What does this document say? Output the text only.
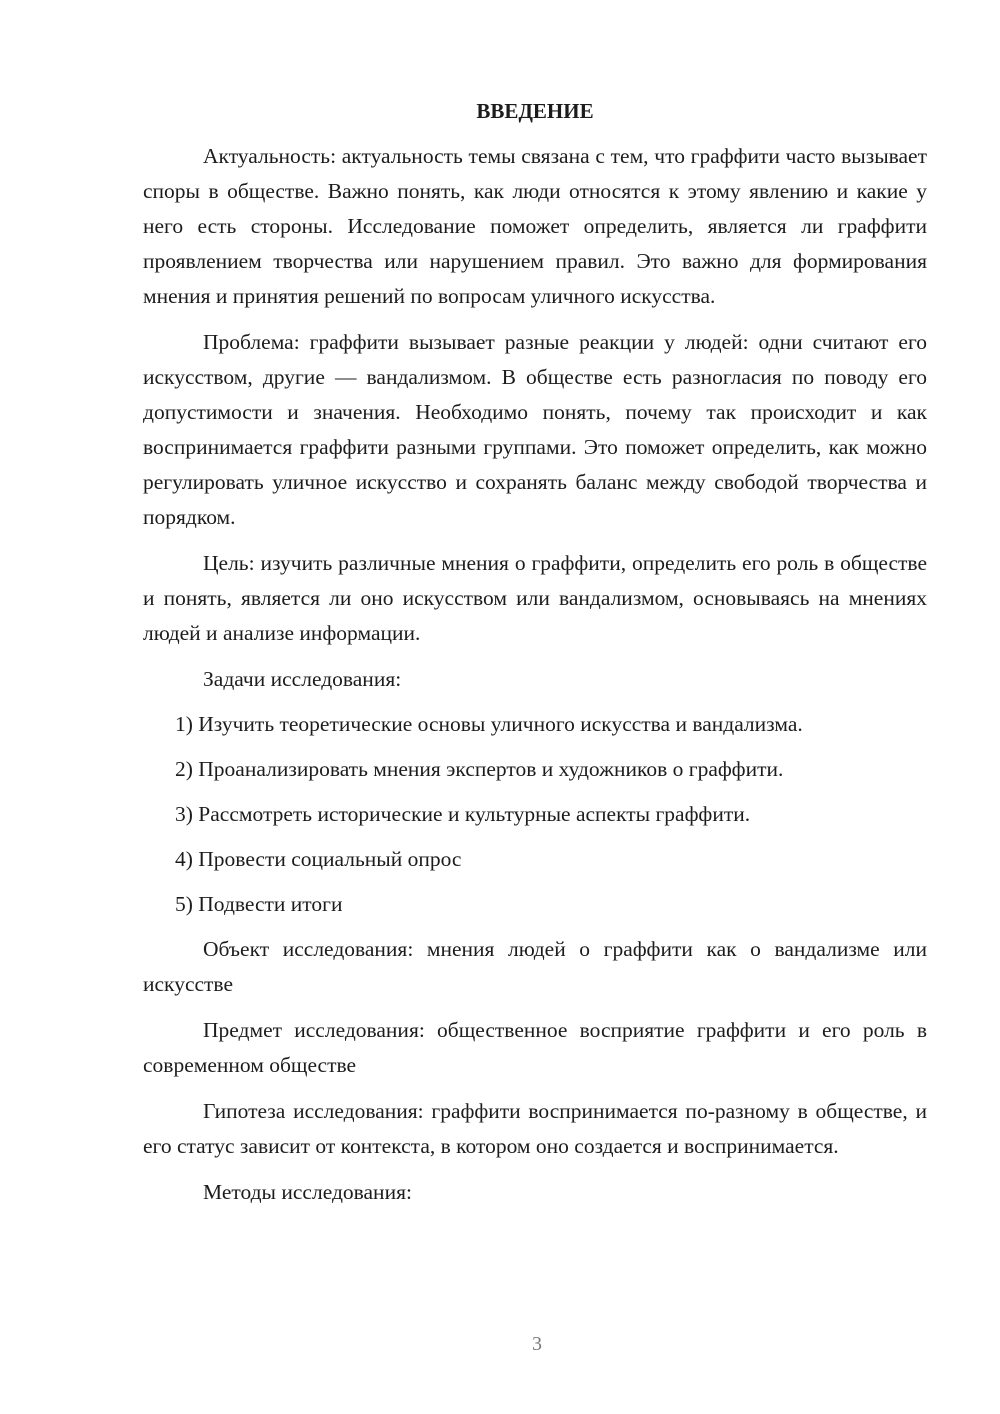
ВВЕДЕНИЕ

Актуальность: актуальность темы связана с тем, что граффити часто вызывает споры в обществе. Важно понять, как люди относятся к этому явлению и какие у него есть стороны. Исследование поможет определить, является ли граффити проявлением творчества или нарушением правил. Это важно для формирования мнения и принятия решений по вопросам уличного искусства.

Проблема: граффити вызывает разные реакции у людей: одни считают его искусством, другие — вандализмом. В обществе есть разногласия по поводу его допустимости и значения. Необходимо понять, почему так происходит и как воспринимается граффити разными группами. Это поможет определить, как можно регулировать уличное искусство и сохранять баланс между свободой творчества и порядком.

Цель: изучить различные мнения о граффити, определить его роль в обществе и понять, является ли оно искусством или вандализмом, основываясь на мнениях людей и анализе информации.

Задачи исследования:
1) Изучить теоретические основы уличного искусства и вандализма.
2) Проанализировать мнения экспертов и художников о граффити.
3) Рассмотреть исторические и культурные аспекты граффити.
4) Провести социальный опрос
5) Подвести итоги

Объект исследования: мнения людей о граффити как о вандализме или искусстве

Предмет исследования: общественное восприятие граффити и его роль в современном обществе

Гипотеза исследования: граффити воспринимается по-разному в обществе, и его статус зависит от контекста, в котором оно создается и воспринимается.

Методы исследования:

3
